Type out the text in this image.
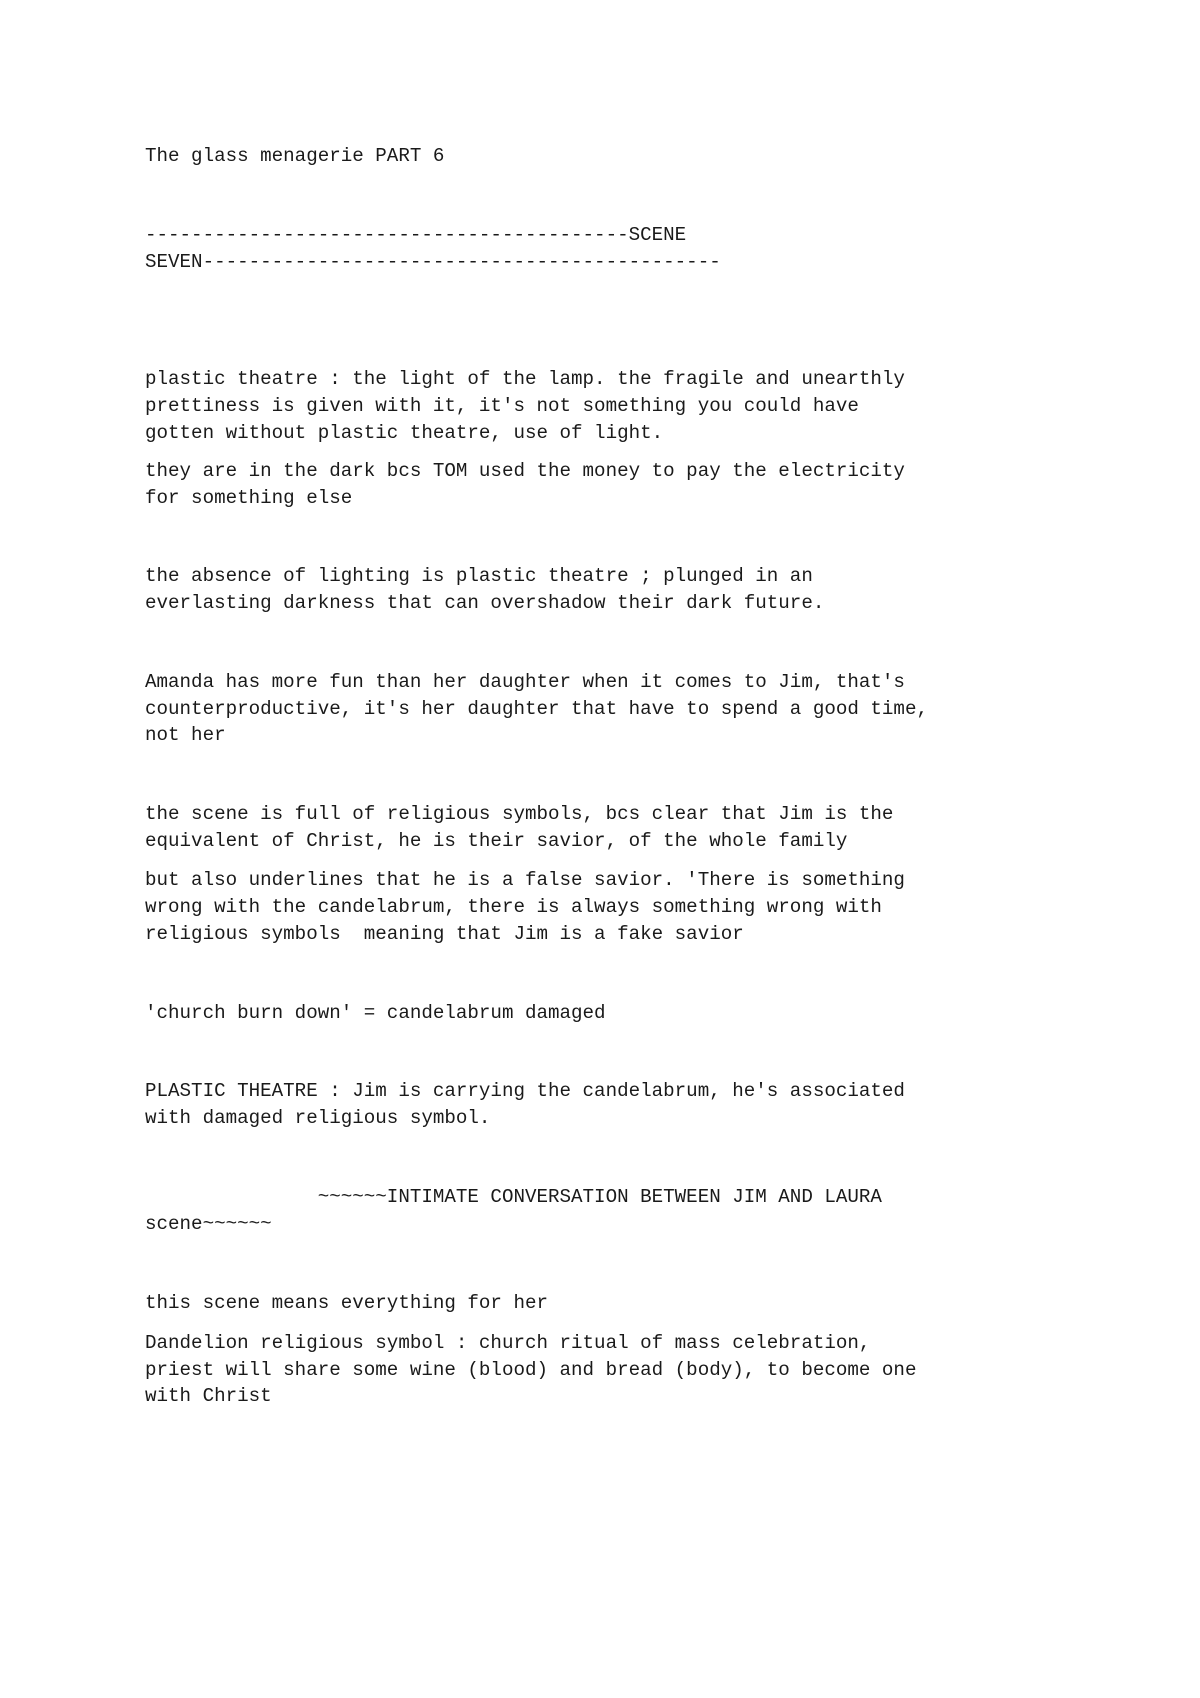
The glass menagerie PART 6
------------------------------------------SCENE
SEVEN---------------------------------------------
plastic theatre : the light of the lamp. the fragile and unearthly
prettiness is given with it, it's not something you could have
gotten without plastic theatre, use of light.
they are in the dark bcs TOM used the money to pay the electricity
for something else
the absence of lighting is plastic theatre ; plunged in an
everlasting darkness that can overshadow their dark future.
Amanda has more fun than her daughter when it comes to Jim, that's
counterproductive, it's her daughter that have to spend a good time,
not her
the scene is full of religious symbols, bcs clear that Jim is the
equivalent of Christ, he is their savior, of the whole family
but also underlines that he is a false savior. 'There is something
wrong with the candelabrum, there is always something wrong with
religious symbols  meaning that Jim is a fake savior
'church burn down' = candelabrum damaged
PLASTIC THEATRE : Jim is carrying the candelabrum, he's associated
with damaged religious symbol.
~~~~~~INTIMATE CONVERSATION BETWEEN JIM AND LAURA
scene~~~~~~
this scene means everything for her
Dandelion religious symbol : church ritual of mass celebration,
priest will share some wine (blood) and bread (body), to become one
with Christ
